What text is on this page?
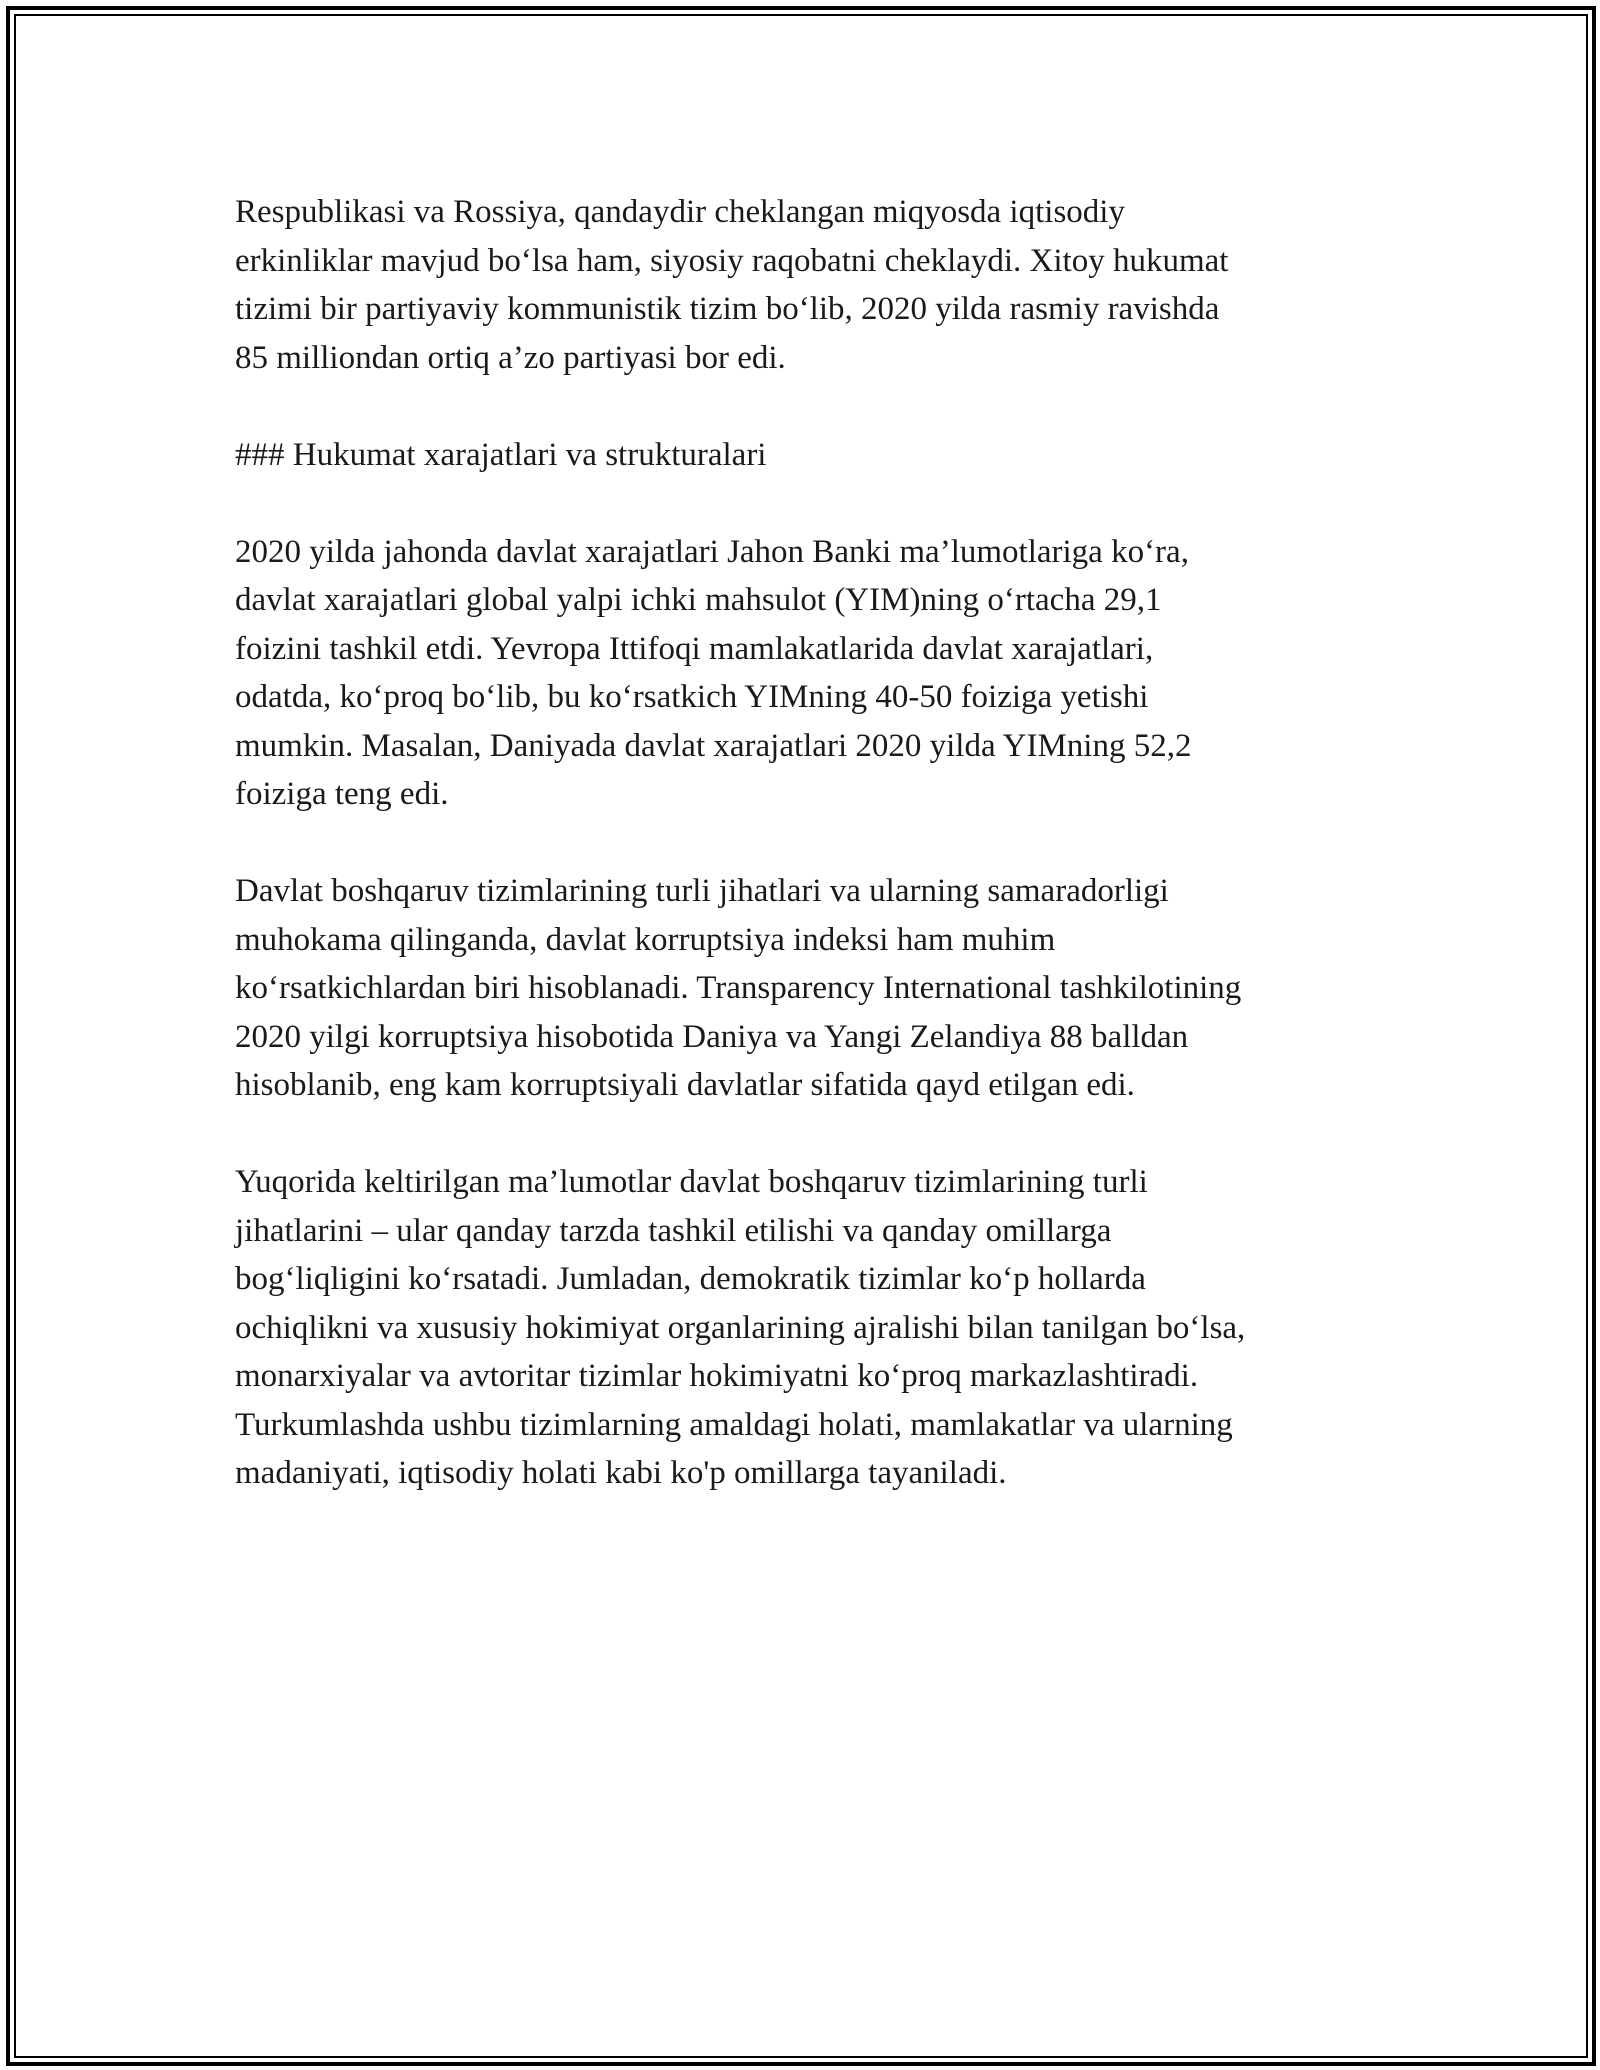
Respublikasi va Rossiya, qandaydir cheklangan miqyosda iqtisodiy
erkinliklar mavjud bo‘lsa ham, siyosiy raqobatni cheklaydi. Xitoy hukumat
tizimi bir partiyaviy kommunistik tizim bo‘lib, 2020 yilda rasmiy ravishda
85 milliondan ortiq a’zo partiyasi bor edi.
### Hukumat xarajatlari va strukturalari
2020 yilda jahonda davlat xarajatlari Jahon Banki ma’lumotlariga ko‘ra,
davlat xarajatlari global yalpi ichki mahsulot (YIM)ning o‘rtacha 29,1
foizini tashkil etdi. Yevropa Ittifoqi mamlakatlarida davlat xarajatlari,
odatda, ko‘proq bo‘lib, bu ko‘rsatkich YIMning 40-50 foiziga yetishi
mumkin. Masalan, Daniyada davlat xarajatlari 2020 yilda YIMning 52,2
foiziga teng edi.
Davlat boshqaruv tizimlarining turli jihatlari va ularning samaradorligi
muhokama qilinganda, davlat korruptsiya indeksi ham muhim
ko‘rsatkichlardan biri hisoblanadi. Transparency International tashkilotining
2020 yilgi korruptsiya hisobotida Daniya va Yangi Zelandiya 88 balldan
hisoblanib, eng kam korruptsiyali davlatlar sifatida qayd etilgan edi.
Yuqorida keltirilgan ma’lumotlar davlat boshqaruv tizimlarining turli
jihatlarini – ular qanday tarzda tashkil etilishi va qanday omillarga
bog‘liqligini ko‘rsatadi. Jumladan, demokratik tizimlar ko‘p hollarda
ochiqlikni va xususiy hokimiyat organlarining ajralishi bilan tanilgan bo‘lsa,
monarxiyalar va avtoritar tizimlar hokimiyatni ko‘proq markazlashtiradi.
Turkumlashda ushbu tizimlarning amaldagi holati, mamlakatlar va ularning
madaniyati, iqtisodiy holati kabi ko'p omillarga tayaniladi.
